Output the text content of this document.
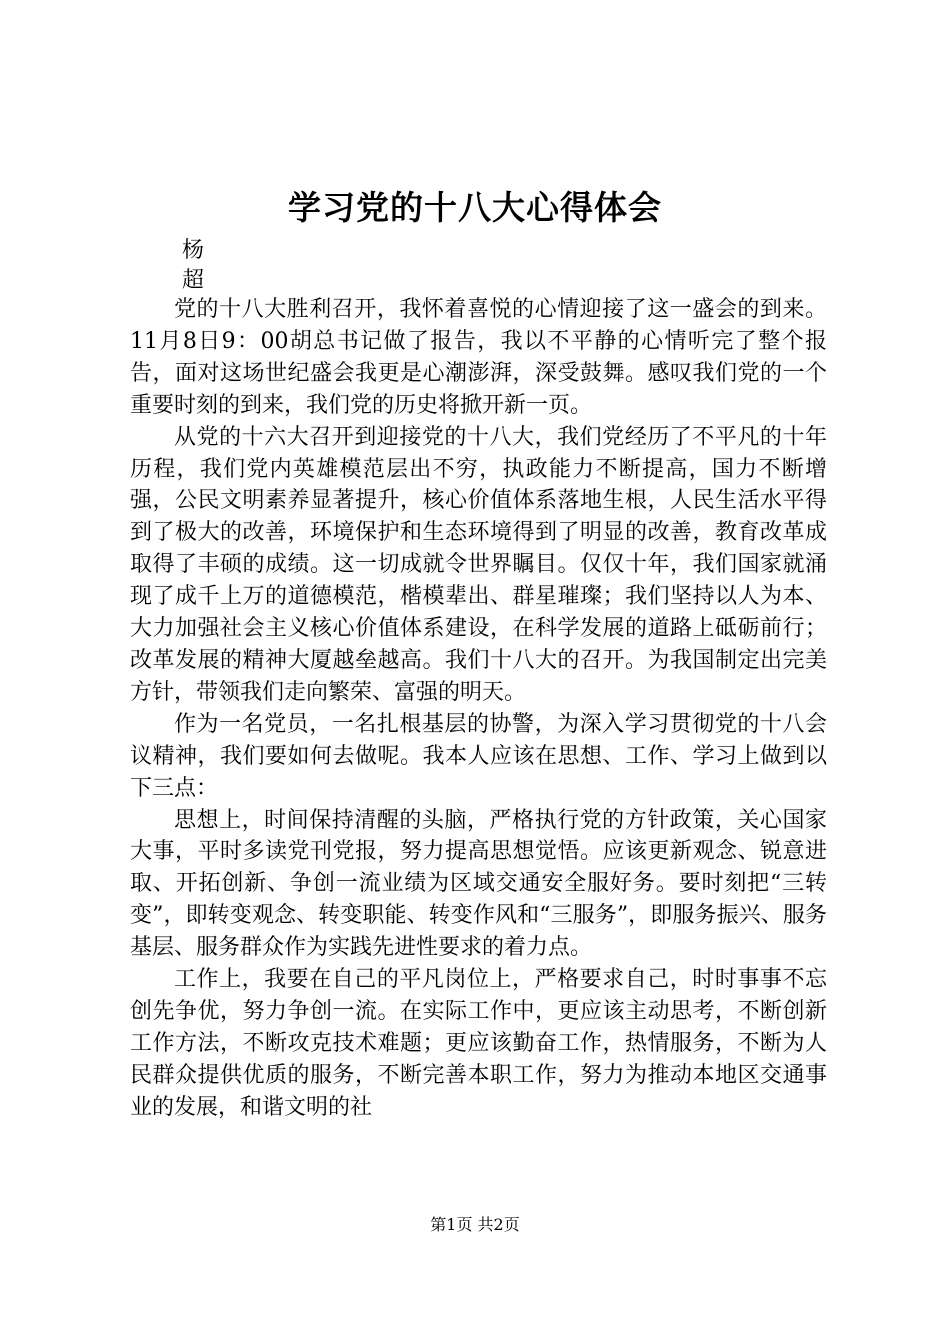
学习党的十八大心得体会
杨
超

党的十八大胜利召开，我怀着喜悦的心情迎接了这一盛会的到来。11月8日9：00胡总书记做了报告，我以不平静的心情听完了整个报告，面对这场世纪盛会我更是心潮澎湃，深受鼓舞。感叹我们党的一个重要时刻的到来，我们党的历史将掀开新一页。

从党的十六大召开到迎接党的十八大，我们党经历了不平凡的十年历程，我们党内英雄模范层出不穷，执政能力不断提高，国力不断增强，公民文明素养显著提升，核心价值体系落地生根，人民生活水平得到了极大的改善，环境保护和生态环境得到了明显的改善，教育改革成取得了丰硕的成绩。这一切成就令世界瞩目。仅仅十年，我们国家就涌现了成千上万的道德模范，楷模辈出、群星璀璨；我们坚持以人为本、大力加强社会主义核心价值体系建设，在科学发展的道路上砥砺前行；改革发展的精神大厦越垒越高。我们十八大的召开。为我国制定出完美方针，带领我们走向繁荣、富强的明天。

作为一名党员，一名扎根基层的协警，为深入学习贯彻党的十八会议精神，我们要如何去做呢。我本人应该在思想、工作、学习上做到以下三点：

思想上，时间保持清醒的头脑，严格执行党的方针政策，关心国家大事，平时多读党刊党报，努力提高思想觉悟。应该更新观念、锐意进取、开拓创新、争创一流业绩为区域交通安全服好务。要时刻把“三转变”，即转变观念、转变职能、转变作风和“三服务”，即服务振兴、服务基层、服务群众作为实践先进性要求的着力点。

工作上，我要在自己的平凡岗位上，严格要求自己，时时事事不忘创先争优，努力争创一流。在实际工作中，更应该主动思考，不断创新工作方法，不断攻克技术难题；更应该勤奋工作，热情服务，不断为人民群众提供优质的服务，不断完善本职工作，努力为推动本地区交通事业的发展，和谐文明的社

第1页 共2页
